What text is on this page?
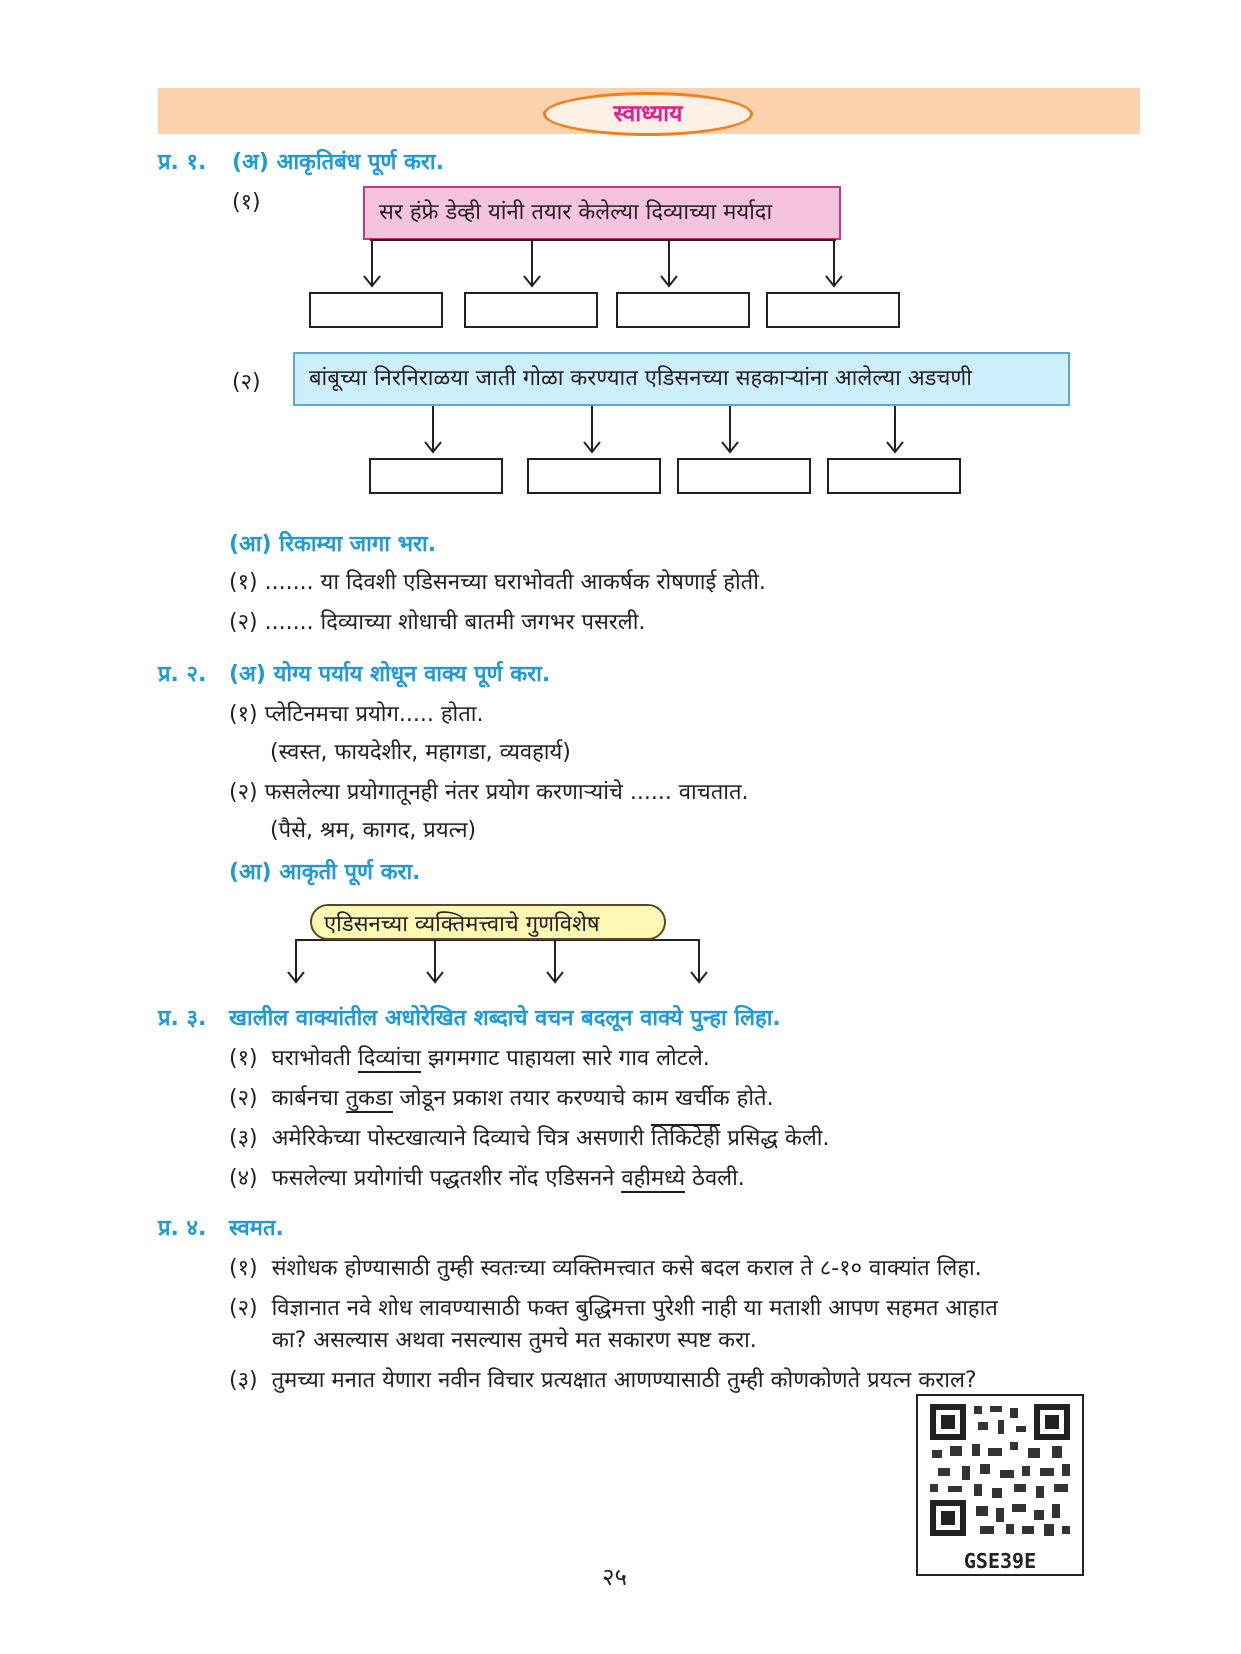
स्वाध्याय
प्र. १. (अ) आकृतिबंध पूर्ण करा.
(१)	सर हंफ्रे डेव्ही यांनी तयार केलेल्या दिव्याच्या मर्यादा
(२)	बांबूच्या निरनिराळया जाती गोळा करण्यात एडिसनच्या सहकाऱ्यांना आलेल्या अडचणी
(आ) रिकाम्या जागा भरा.
(१) ....... या दिवशी एडिसनच्या घराभोवती आकर्षक रोषणाई होती.
(२) ....... दिव्याच्या शोधाची बातमी जगभर पसरली.
प्र. २. (अ) योग्य पर्याय शोधून वाक्य पूर्ण करा.
(१) प्लेटिनमचा प्रयोग..... होता.
(स्वस्त, फायदेशीर, महागडा, व्यवहार्य)
(२) फसलेल्या प्रयोगातूनही नंतर प्रयोग करणाऱ्यांचे ...... वाचतात.
(पैसे, श्रम, कागद, प्रयत्न)
(आ) आकृती पूर्ण करा.
एडिसनच्या व्यक्तिमत्त्वाचे गुणविशेष
प्र. ३. खालील वाक्यांतील अधोरेखित शब्दाचे वचन बदलून वाक्ये पुन्हा लिहा.
(१) घराभोवती दिव्यांचा झगमगाट पाहायला सारे गाव लोटले.
(२) कार्बनचा तुकडा जोडून प्रकाश तयार करण्याचे काम खर्चीक होते.
(३) अमेरिकेच्या पोस्टखात्याने दिव्याचे चित्र असणारी तिकिटेही प्रसिद्ध केली.
(४) फसलेल्या प्रयोगांची पद्धतशीर नोंद एडिसनने वहीमध्ये ठेवली.
प्र. ४. स्वमत.
(१) संशोधक होण्यासाठी तुम्ही स्वतःच्या व्यक्तिमत्त्वात कसे बदल कराल ते ८-१० वाक्यांत लिहा.
(२) विज्ञानात नवे शोध लावण्यासाठी फक्त बुद्धिमत्ता पुरेशी नाही या मताशी आपण सहमत आहात
का? असल्यास अथवा नसल्यास तुमचे मत सकारण स्पष्ट करा.
(३) तुमच्या मनात येणारा नवीन विचार प्रत्यक्षात आणण्यासाठी तुम्ही कोणकोणते प्रयत्न कराल?
GSE39E
२५
